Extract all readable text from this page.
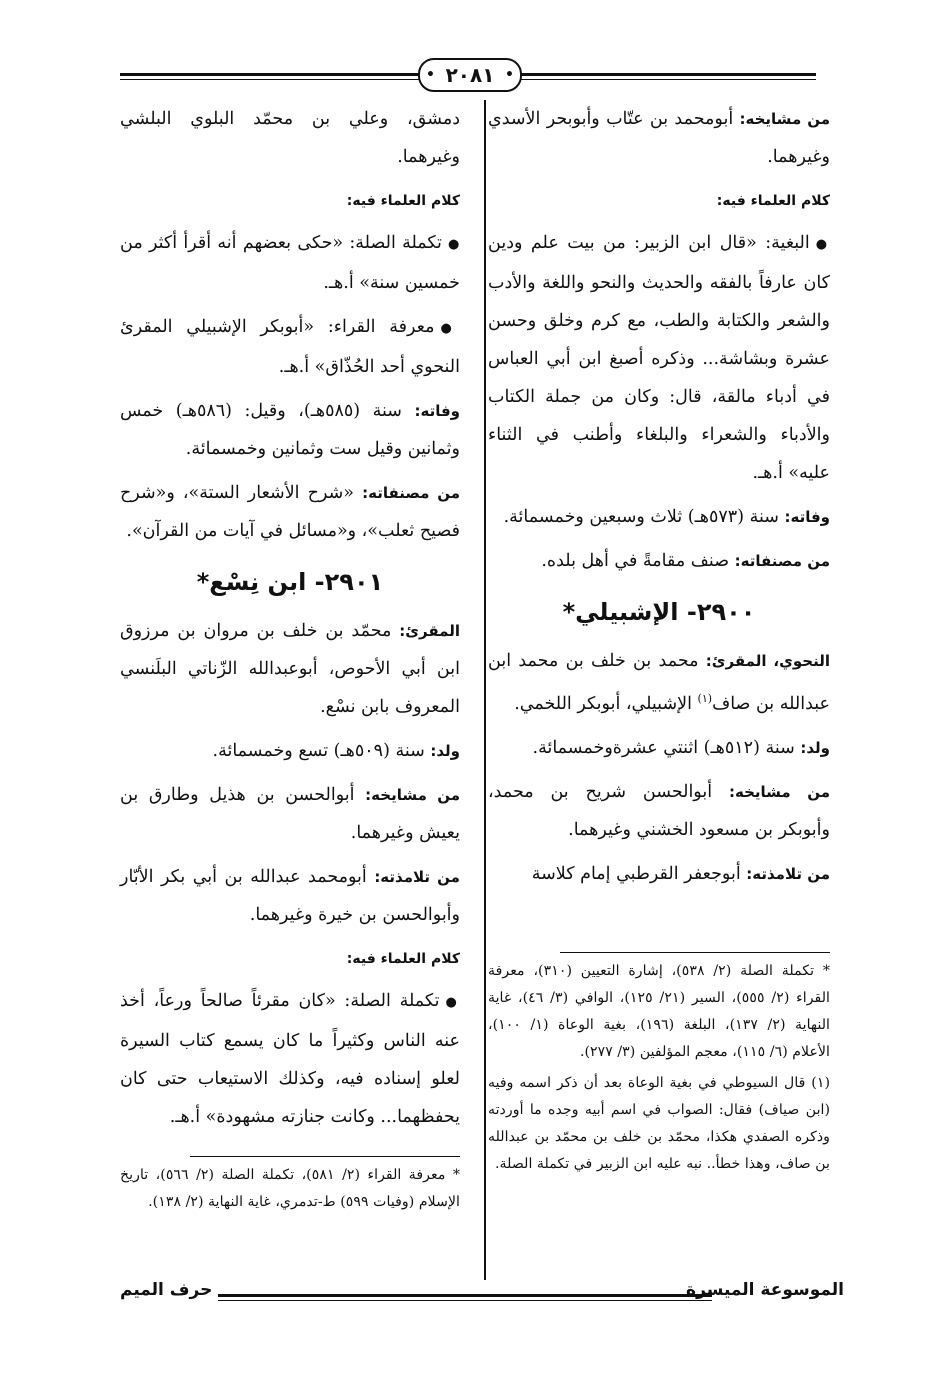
• ٢٠٨١ •

من مشايخه: أبومحمد بن عتّاب وأبوبحر الأسدي وغيرهما.

كلام العلماء فيه:

●البغية: «قال ابن الزبير: من بيت علم ودين كان عارفاً بالفقه والحديث والنحو واللغة والأدب والشعر والكتابة والطب، مع كرم وخلق وحسن عشرة وبشاشة... وذكره أصبغ ابن أبي العباس في أدباء مالقة، قال: وكان من جملة الكتاب والأدباء والشعراء والبلغاء وأطنب في الثناء عليه» أ.هـ.

وفاته: سنة (٥٧٣هـ) ثلاث وسبعين وخمسمائة.

من مصنفاته: صنف مقامةً في أهل بلده.

٢٩٠٠- الإشبيلي*

النحوي، المقرئ: محمد بن خلف بن محمد ابن عبدالله بن صاف$^{(١)}$ الإشبيلي، أبوبكر اللخمي.

ولد: سنة (٥١٢هـ) اثنتي عشرةوخمسمائة.

من مشايخه: أبوالحسن شريح بن محمد، وأبوبكر بن مسعود الخشني وغيرهما.

من تلامذته: أبوجعفر القرطبي إمام كلاسة

دمشق، وعلي بن محمّد البلوي البلشي وغيرهما.

كلام العلماء فيه:

●تكملة الصلة: «حكى بعضهم أنه أقرأ أكثر من خمسين سنة» أ.هـ.

●معرفة القراء: «أبوبكر الإشبيلي المقرئ النحوي أحد الحُذّاق» أ.هـ.

وفاته: سنة (٥٨٥هـ)، وقيل: (٥٨٦هـ) خمس وثمانين وقيل ست وثمانين وخمسمائة.

من مصنفاته: «شرح الأشعار الستة»، و«شرح فصيح ثعلب»، و«مسائل في آيات من القرآن».

٢٩٠١- ابن نِسْع*

المقرئ: محمّد بن خلف بن مروان بن مرزوق ابن أبي الأحوص، أبوعبدالله الزّناتي البلَنسي المعروف بابن نسْع.

ولد: سنة (٥٠٩هـ) تسع وخمسمائة.

من مشايخه: أبوالحسن بن هذيل وطارق بن يعيش وغيرهما.

من تلامذته: أبومحمد عبدالله بن أبي بكر الأبّار وأبوالحسن بن خيرة وغيرهما.

كلام العلماء فيه:

●تكملة الصلة: «كان مقرئاً صالحاً ورعاً، أخذ عنه الناس وكثيراً ما كان يسمع كتاب السيرة لعلو إسناده فيه، وكذلك الاستيعاب حتى كان يحفظهما... وكانت جنازته مشهودة» أ.هـ.

* تكملة الصلة (٢/ ٥٣٨)، إشارة التعيين (٣١٠)، معرفة القراء (٢/ ٥٥٥)، السير (٢١/ ١٢٥)، الوافي (٣/ ٤٦)، غاية النهاية (٢/ ١٣٧)، البلغة (١٩٦)، بغية الوعاة (١/ ١٠٠)، الأعلام (٦/ ١١٥)، معجم المؤلفين (٣/ ٢٧٧).

(١) قال السيوطي في بغية الوعاة بعد أن ذكر اسمه وفيه (ابن صياف) فقال: الصواب في اسم أبيه وجده ما أوردته وذكره الصفدي هكذا، محمّد بن خلف بن محمّد بن عبدالله بن صاف، وهذا خطأ.. نبه عليه ابن الزبير في تكملة الصلة.

* معرفة القراء (٢/ ٥٨١)، تكملة الصلة (٢/ ٥٦٦)، تاريخ الإسلام (وفيات ٥٩٩) ط-تدمري، غاية النهاية (٢/ ١٣٨).

الموسوعة الميسرة
حرف الميم
